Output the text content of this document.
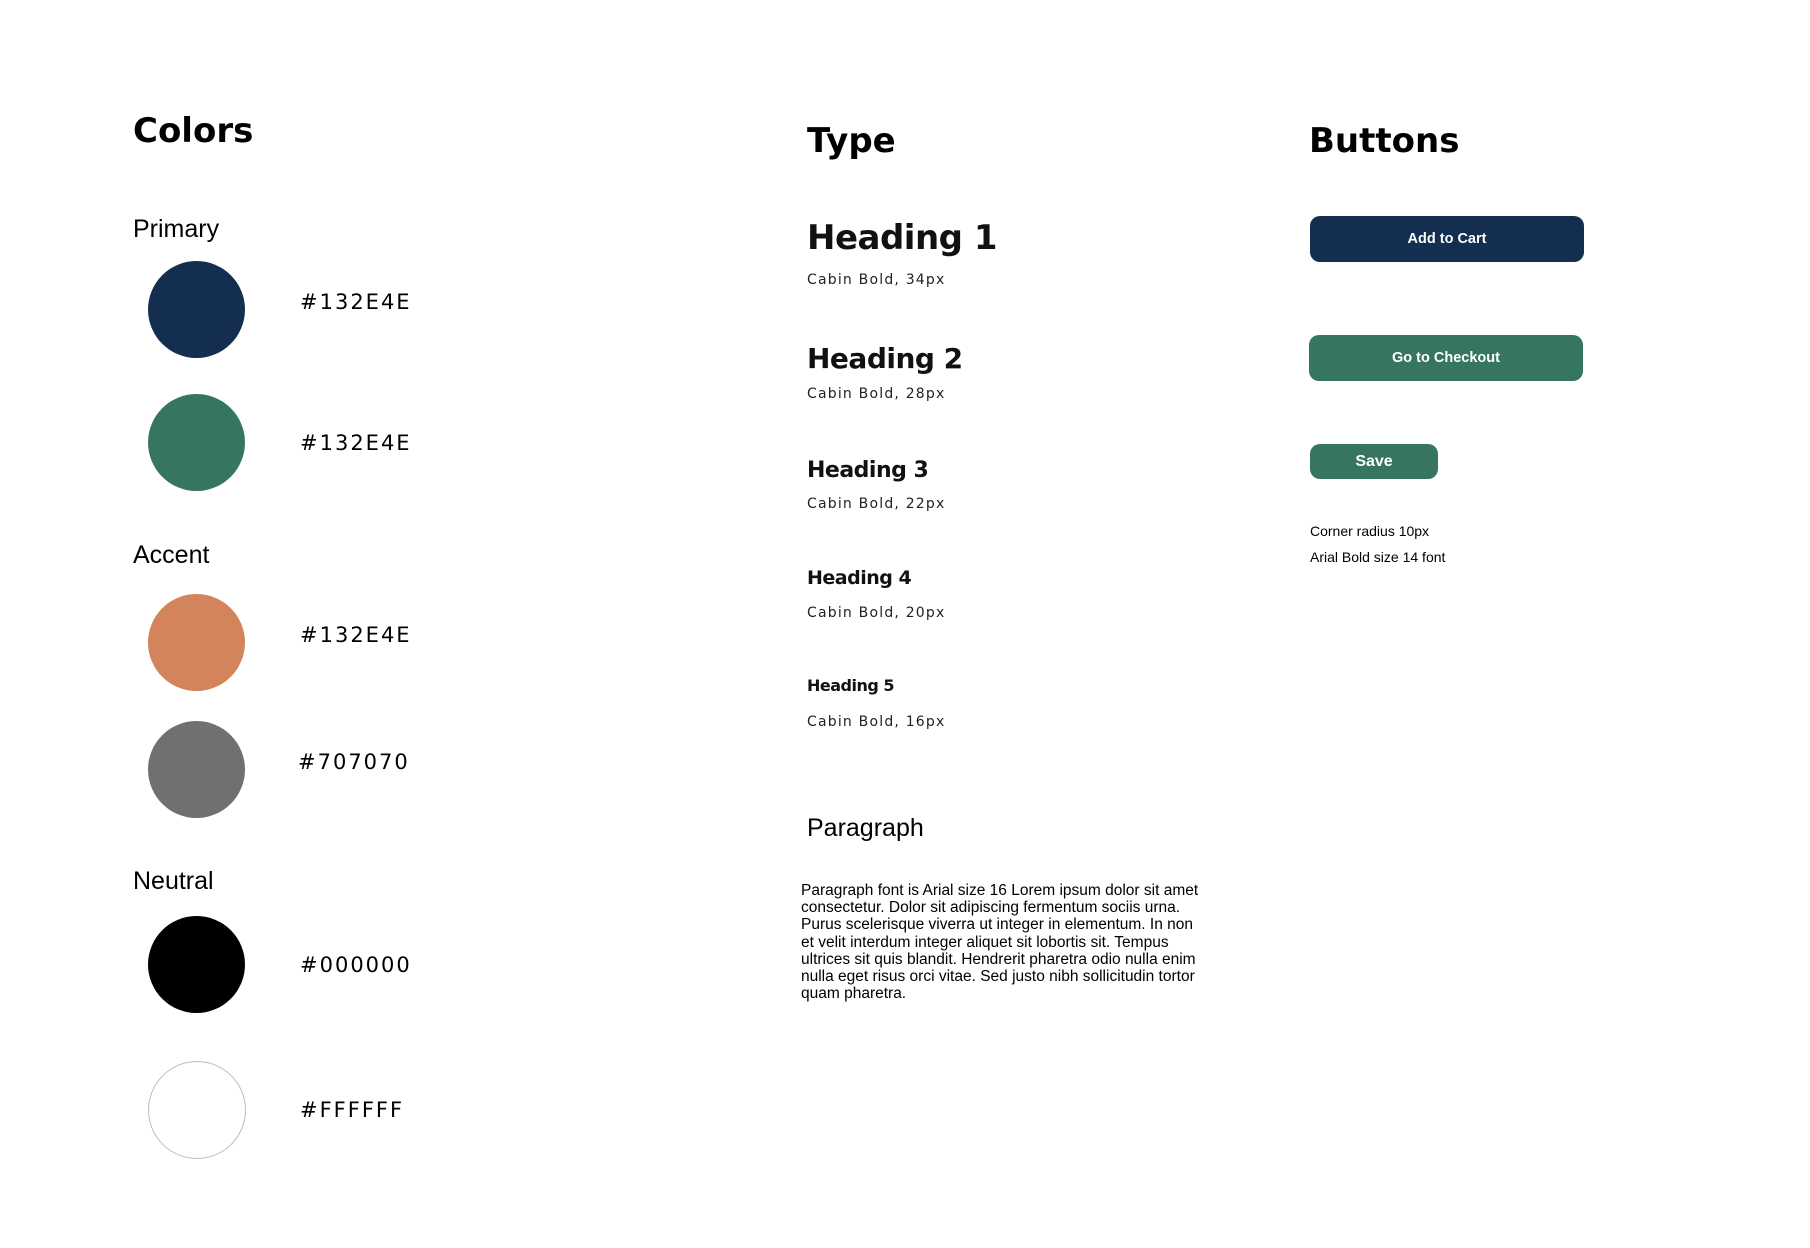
Colors
Primary
#132E4E
#132E4E
Accent
#132E4E
#707070
Neutral
#000000
#FFFFFF
Type
Heading 1
Cabin Bold, 34px
Heading 2
Cabin Bold, 28px
Heading 3
Cabin Bold, 22px
Heading 4
Cabin Bold, 20px
Heading 5
Cabin Bold, 16px
Paragraph
Paragraph font is Arial size 16 Lorem ipsum dolor sit amet consectetur. Dolor sit adipiscing fermentum sociis urna. Purus scelerisque viverra ut integer in elementum. In non et velit interdum integer aliquet sit lobortis sit. Tempus ultrices sit quis blandit. Hendrerit pharetra odio nulla enim nulla eget risus orci vitae. Sed justo nibh sollicitudin tortor quam pharetra.
Buttons
Add to Cart
Go to Checkout
Save
Corner radius 10px
Arial Bold size 14 font
